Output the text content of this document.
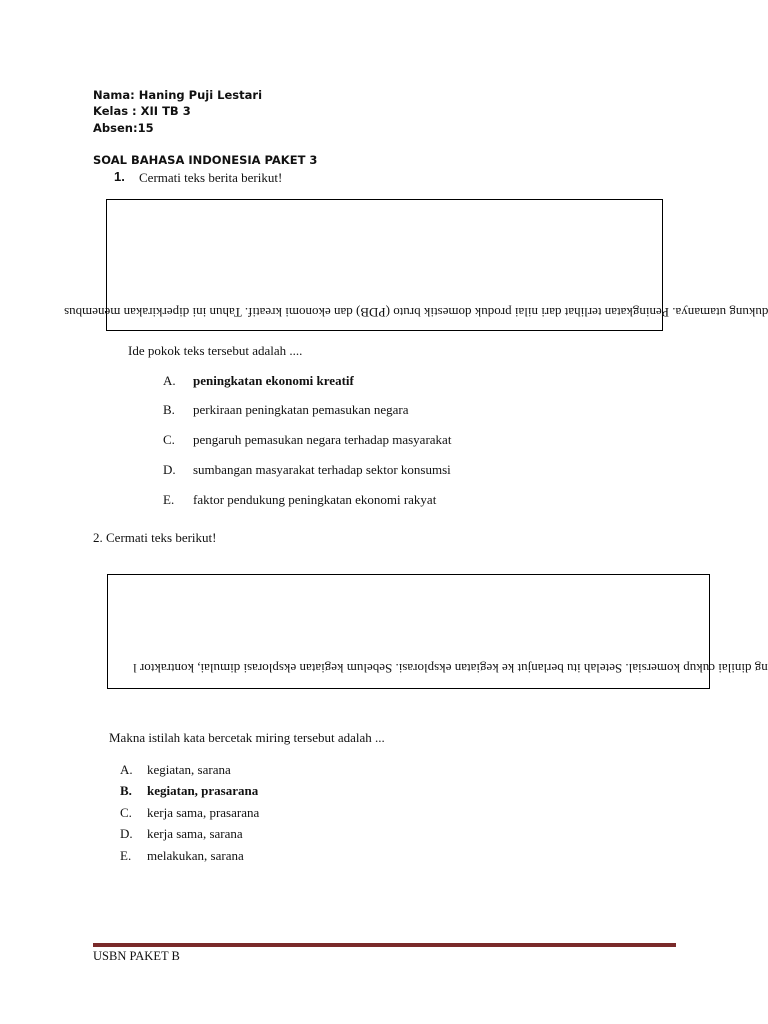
Nama: Haning Puji Lestari
Kelas : XII TB 3
Absen:15
SOAL BAHASA INDONESIA PAKET 3
1. Cermati teks berita berikut!
dukung utamanya. Peningkatan terlihat dari nilai produk domestik bruto (PDB) dan ekonomi kreatif. Tahun ini diperkirakan menembus
Ide pokok teks tersebut adalah ....
A. peningkatan ekonomi kreatif
B. perkiraan peningkatan pemasukan negara
C. pengaruh pemasukan negara terhadap masyarakat
D. sumbangan masyarakat terhadap sektor konsumsi
E. faktor pendukung peningkatan ekonomi rakyat
2. Cermati teks berikut!
ng dinilai cukup komersial. Setelah itu berlanjut ke kegiatan eksplorasi. Sebelum kegiatan eksplorasi dimulai, kontraktor l
Makna istilah kata bercetak miring tersebut adalah ...
A. kegiatan, sarana
B. kegiatan, prasarana
C. kerja sama, prasarana
D. kerja sama, sarana
E. melakukan, sarana
USBN PAKET B
